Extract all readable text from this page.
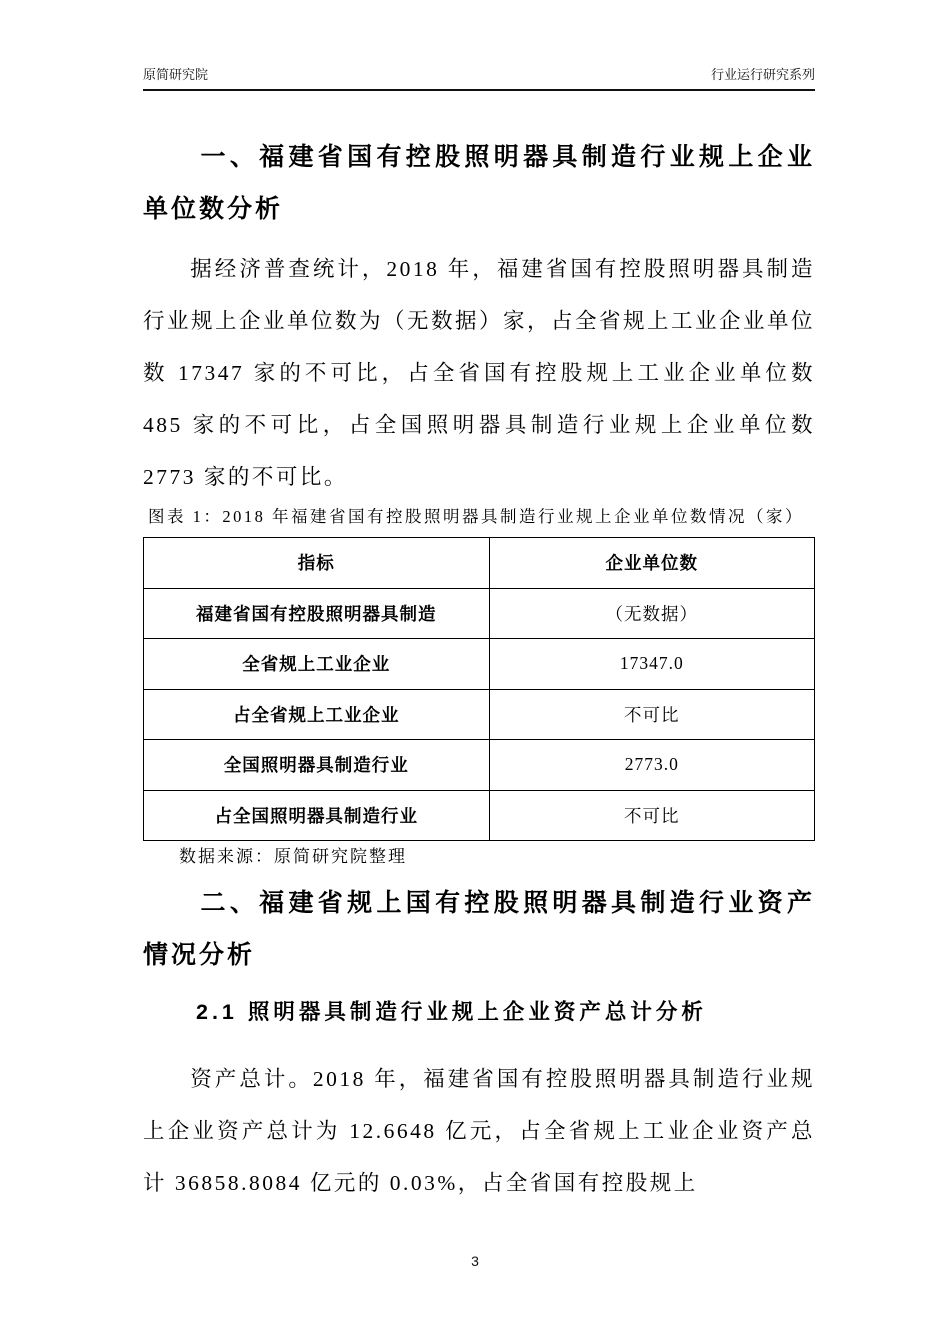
原简研究院	行业运行研究系列
一、福建省国有控股照明器具制造行业规上企业单位数分析

据经济普查统计，2018 年，福建省国有控股照明器具制造行业规上企业单位数为（无数据）家，占全省规上工业企业单位数 17347 家的不可比，占全省国有控股规上工业企业单位数 485 家的不可比，占全国照明器具制造行业规上企业单位数 2773 家的不可比。

图表 1：2018 年福建省国有控股照明器具制造行业规上企业单位数情况（家）
指标	企业单位数
福建省国有控股照明器具制造	（无数据）
全省规上工业企业	17347.0
占全省规上工业企业	不可比
全国照明器具制造行业	2773.0
占全国照明器具制造行业	不可比
数据来源：原简研究院整理
二、福建省规上国有控股照明器具制造行业资产情况分析
2.1 照明器具制造行业规上企业资产总计分析

资产总计。2018 年，福建省国有控股照明器具制造行业规上企业资产总计为 12.6648 亿元，占全省规上工业企业资产总计 36858.8084 亿元的 0.03%，占全省国有控股规上

3
